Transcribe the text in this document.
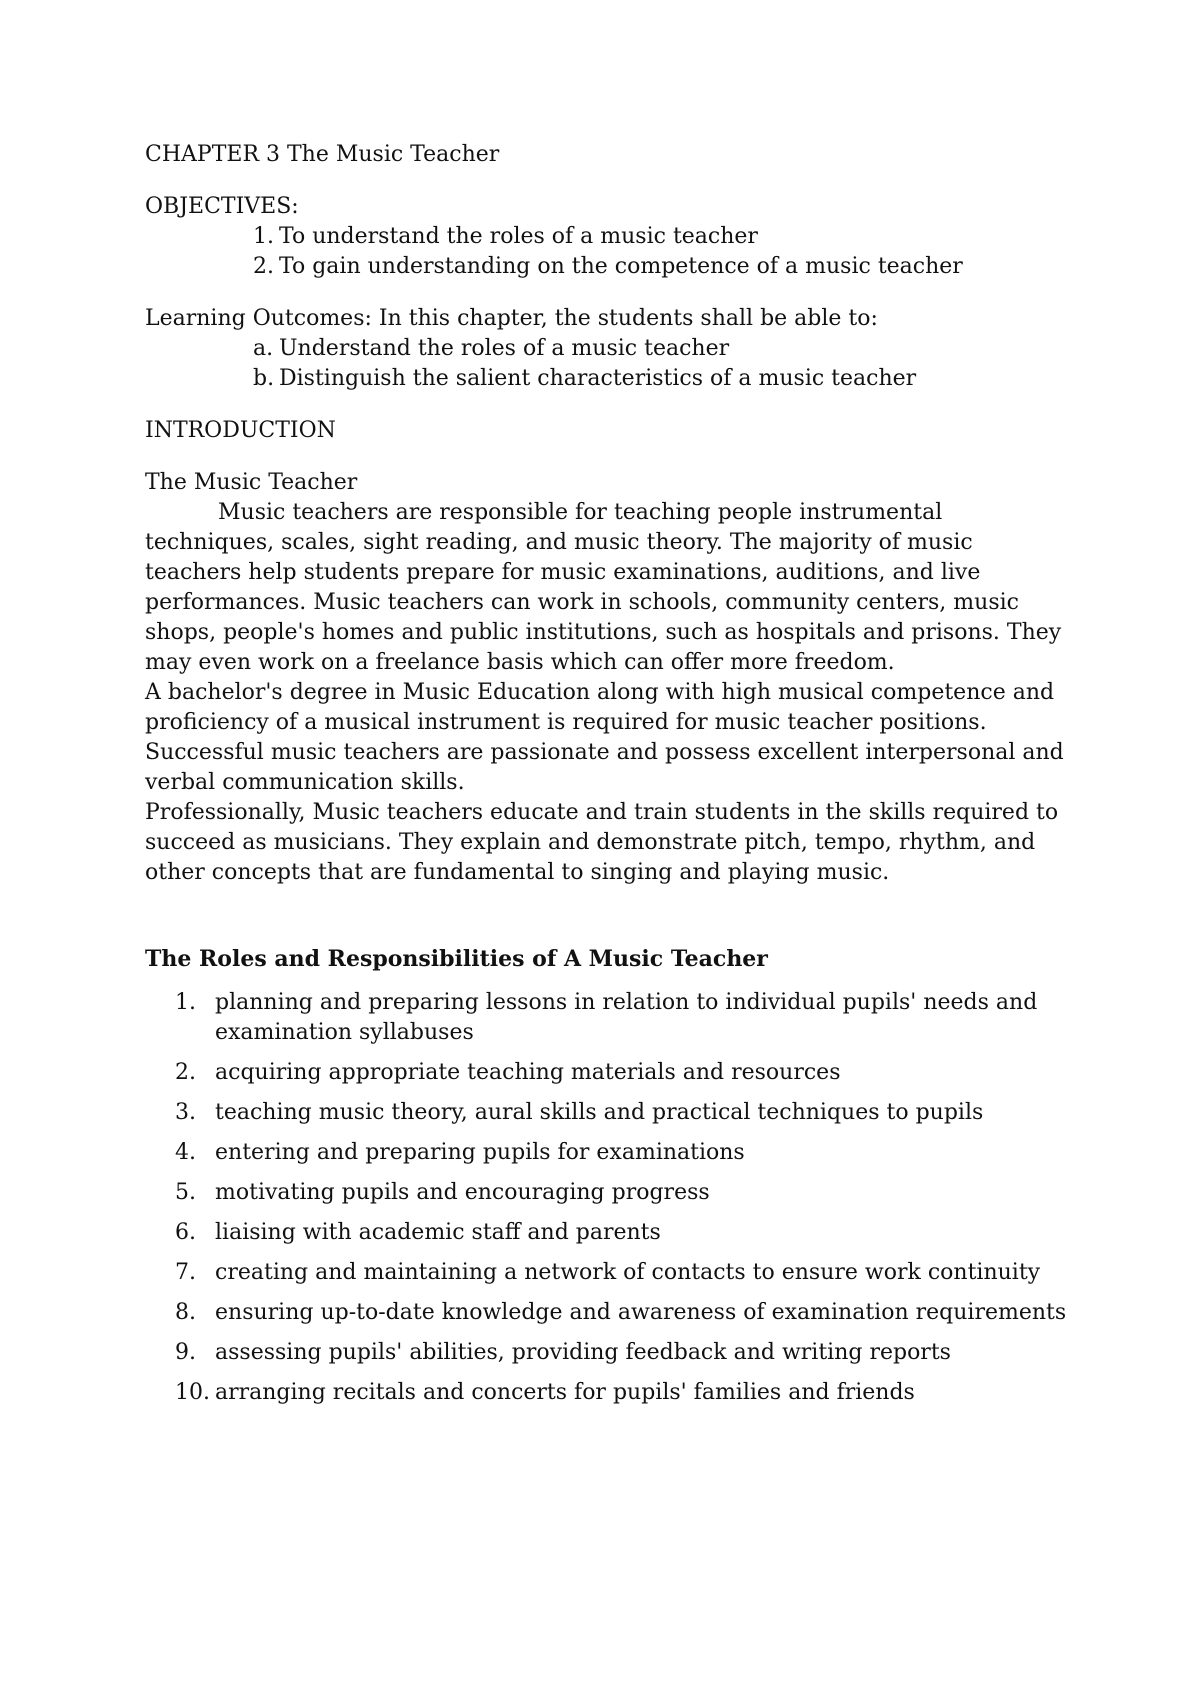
CHAPTER 3 The Music Teacher

OBJECTIVES:

1. To understand the roles of a music teacher
2. To gain understanding on the competence of a music teacher

Learning Outcomes: In this chapter, the students shall be able to:

a. Understand the roles of a music teacher
b. Distinguish the salient characteristics of a music teacher

INTRODUCTION

The Music Teacher

Music teachers are responsible for teaching people instrumental techniques, scales, sight reading, and music theory. The majority of music teachers help students prepare for music examinations, auditions, and live performances. Music teachers can work in schools, community centers, music shops, people's homes and public institutions, such as hospitals and prisons. They may even work on a freelance basis which can offer more freedom.

A bachelor's degree in Music Education along with high musical competence and proficiency of a musical instrument is required for music teacher positions. Successful music teachers are passionate and possess excellent interpersonal and verbal communication skills.

Professionally, Music teachers educate and train students in the skills required to succeed as musicians. They explain and demonstrate pitch, tempo, rhythm, and other concepts that are fundamental to singing and playing music.

The Roles and Responsibilities of A Music Teacher
1. planning and preparing lessons in relation to individual pupils' needs and examination syllabuses
2. acquiring appropriate teaching materials and resources
3. teaching music theory, aural skills and practical techniques to pupils
4. entering and preparing pupils for examinations
5. motivating pupils and encouraging progress
6. liaising with academic staff and parents
7. creating and maintaining a network of contacts to ensure work continuity
8. ensuring up-to-date knowledge and awareness of examination requirements
9. assessing pupils' abilities, providing feedback and writing reports
10. arranging recitals and concerts for pupils' families and friends
